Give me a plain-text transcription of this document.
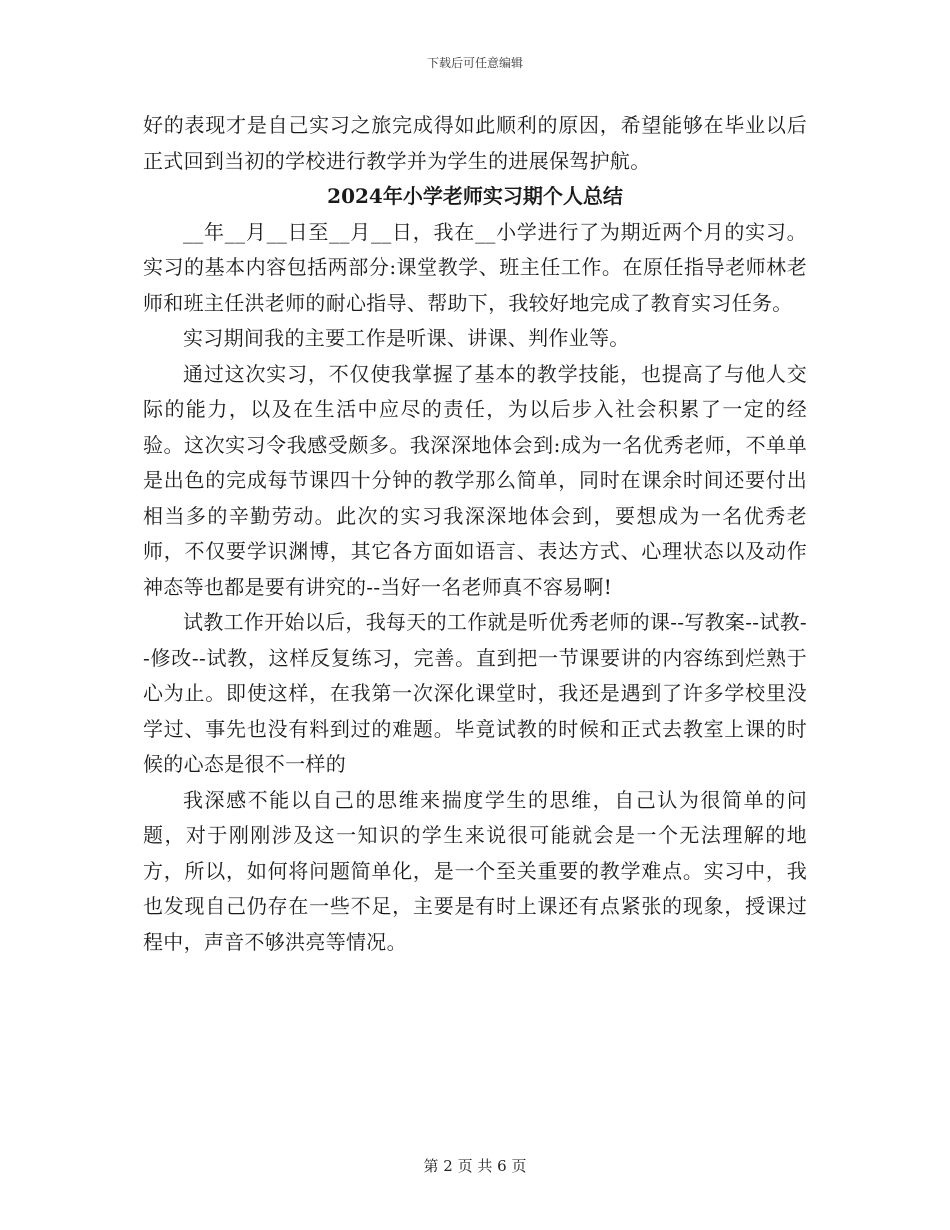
下载后可任意编辑

好的表现才是自己实习之旅完成得如此顺利的原因，希望能够在毕业以后正式回到当初的学校进行教学并为学生的进展保驾护航。

2024年小学老师实习期个人总结

__年__月__日至__月__日，我在__小学进行了为期近两个月的实习。实习的基本内容包括两部分:课堂教学、班主任工作。在原任指导老师林老师和班主任洪老师的耐心指导、帮助下，我较好地完成了教育实习任务。

实习期间我的主要工作是听课、讲课、判作业等。

通过这次实习，不仅使我掌握了基本的教学技能，也提高了与他人交际的能力，以及在生活中应尽的责任，为以后步入社会积累了一定的经验。这次实习令我感受颇多。我深深地体会到:成为一名优秀老师，不单单是出色的完成每节课四十分钟的教学那么简单，同时在课余时间还要付出相当多的辛勤劳动。此次的实习我深深地体会到，要想成为一名优秀老师，不仅要学识渊博，其它各方面如语言、表达方式、心理状态以及动作神态等也都是要有讲究的--当好一名老师真不容易啊!

试教工作开始以后，我每天的工作就是听优秀老师的课--写教案--试教--修改--试教，这样反复练习，完善。直到把一节课要讲的内容练到烂熟于心为止。即使这样，在我第一次深化课堂时，我还是遇到了许多学校里没学过、事先也没有料到过的难题。毕竟试教的时候和正式去教室上课的时候的心态是很不一样的

我深感不能以自己的思维来揣度学生的思维，自己认为很简单的问题，对于刚刚涉及这一知识的学生来说很可能就会是一个无法理解的地方，所以，如何将问题简单化，是一个至关重要的教学难点。实习中，我也发现自己仍存在一些不足，主要是有时上课还有点紧张的现象，授课过程中，声音不够洪亮等情况。

第 2 页 共 6 页
